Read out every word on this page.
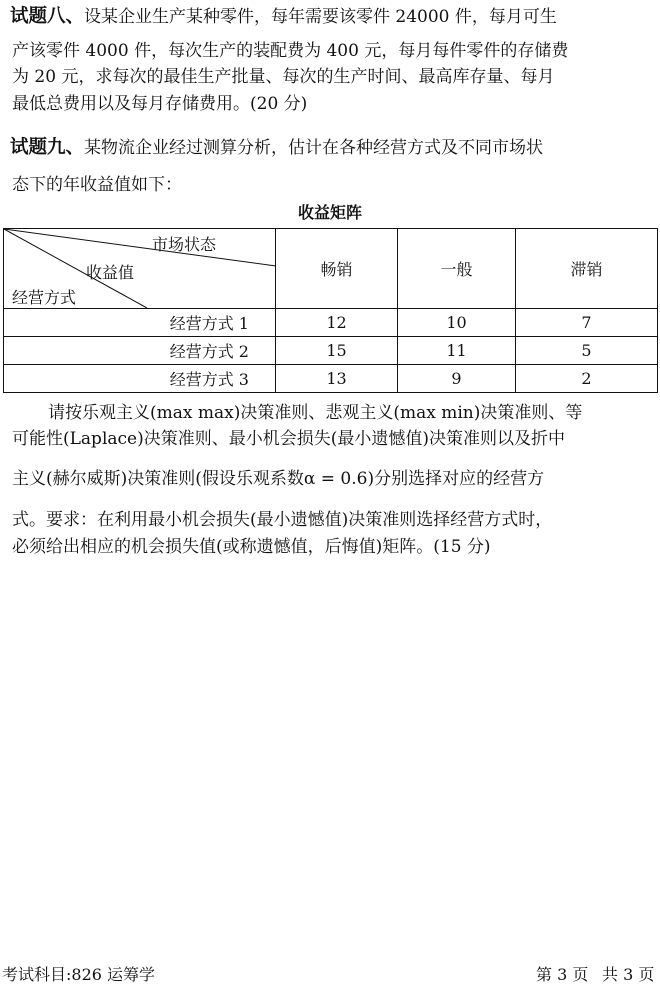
试题八、设某企业生产某种零件，每年需要该零件 24000 件，每月可生
产该零件 4000 件，每次生产的装配费为 400 元，每月每件零件的存储费
为 20 元，求每次的最佳生产批量、每次的生产时间、最高库存量、每月
最低总费用以及每月存储费用。(20 分)
试题九、某物流企业经过测算分析，估计在各种经营方式及不同市场状
态下的年收益值如下：
收益矩阵
市场状态
收益值
经营方式	畅销	一般	滞销
经营方式 1	12	10	7
经营方式 2	15	11	5
经营方式 3	13	9	2
请按乐观主义(max max)决策准则、悲观主义(max min)决策准则、等
可能性(Laplace)决策准则、最小机会损失(最小遗憾值)决策准则以及折中
主义(赫尔威斯)决策准则(假设乐观系数α = 0.6)分别选择对应的经营方
式。要求：在利用最小机会损失(最小遗憾值)决策准则选择经营方式时，
必须给出相应的机会损失值(或称遗憾值，后悔值)矩阵。(15 分)
考试科目:826 运筹学	第 3 页 共 3 页
